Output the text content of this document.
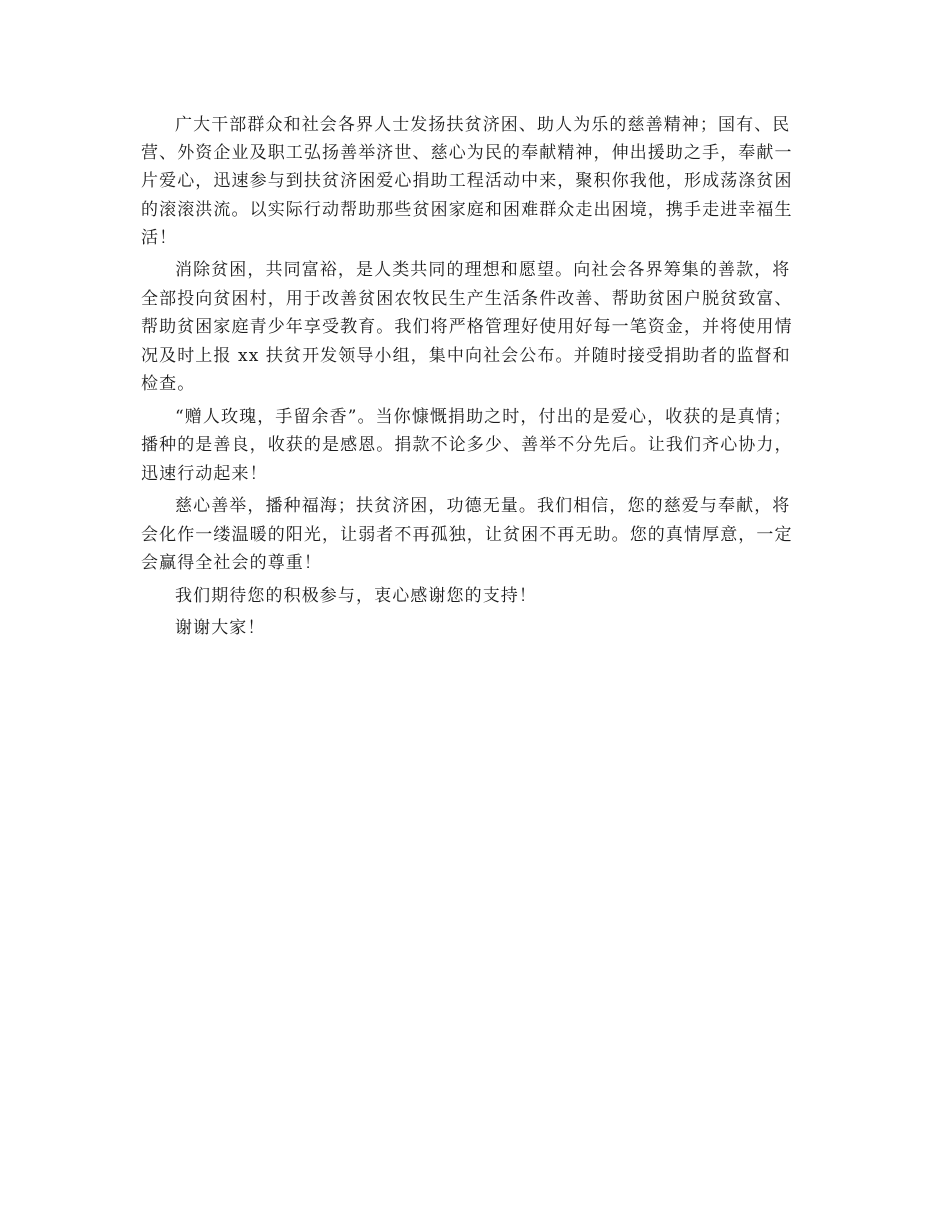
广大干部群众和社会各界人士发扬扶贫济困、助人为乐的慈善精神；国有、民
营、外资企业及职工弘扬善举济世、慈心为民的奉献精神，伸出援助之手，奉献一
片爱心，迅速参与到扶贫济困爱心捐助工程活动中来，聚积你我他，形成荡涤贫困
的滚滚洪流。以实际行动帮助那些贫困家庭和困难群众走出困境，携手走进幸福生
活！
消除贫困，共同富裕，是人类共同的理想和愿望。向社会各界筹集的善款，将
全部投向贫困村，用于改善贫困农牧民生产生活条件改善、帮助贫困户脱贫致富、
帮助贫困家庭青少年享受教育。我们将严格管理好使用好每一笔资金，并将使用情
况及时上报 xx 扶贫开发领导小组，集中向社会公布。并随时接受捐助者的监督和
检查。
“赠人玫瑰，手留余香”。当你慷慨捐助之时，付出的是爱心，收获的是真情；
播种的是善良，收获的是感恩。捐款不论多少、善举不分先后。让我们齐心协力，
迅速行动起来！
慈心善举，播种福海；扶贫济困，功德无量。我们相信，您的慈爱与奉献，将
会化作一缕温暖的阳光，让弱者不再孤独，让贫困不再无助。您的真情厚意，一定
会赢得全社会的尊重！
我们期待您的积极参与，衷心感谢您的支持！
谢谢大家！
